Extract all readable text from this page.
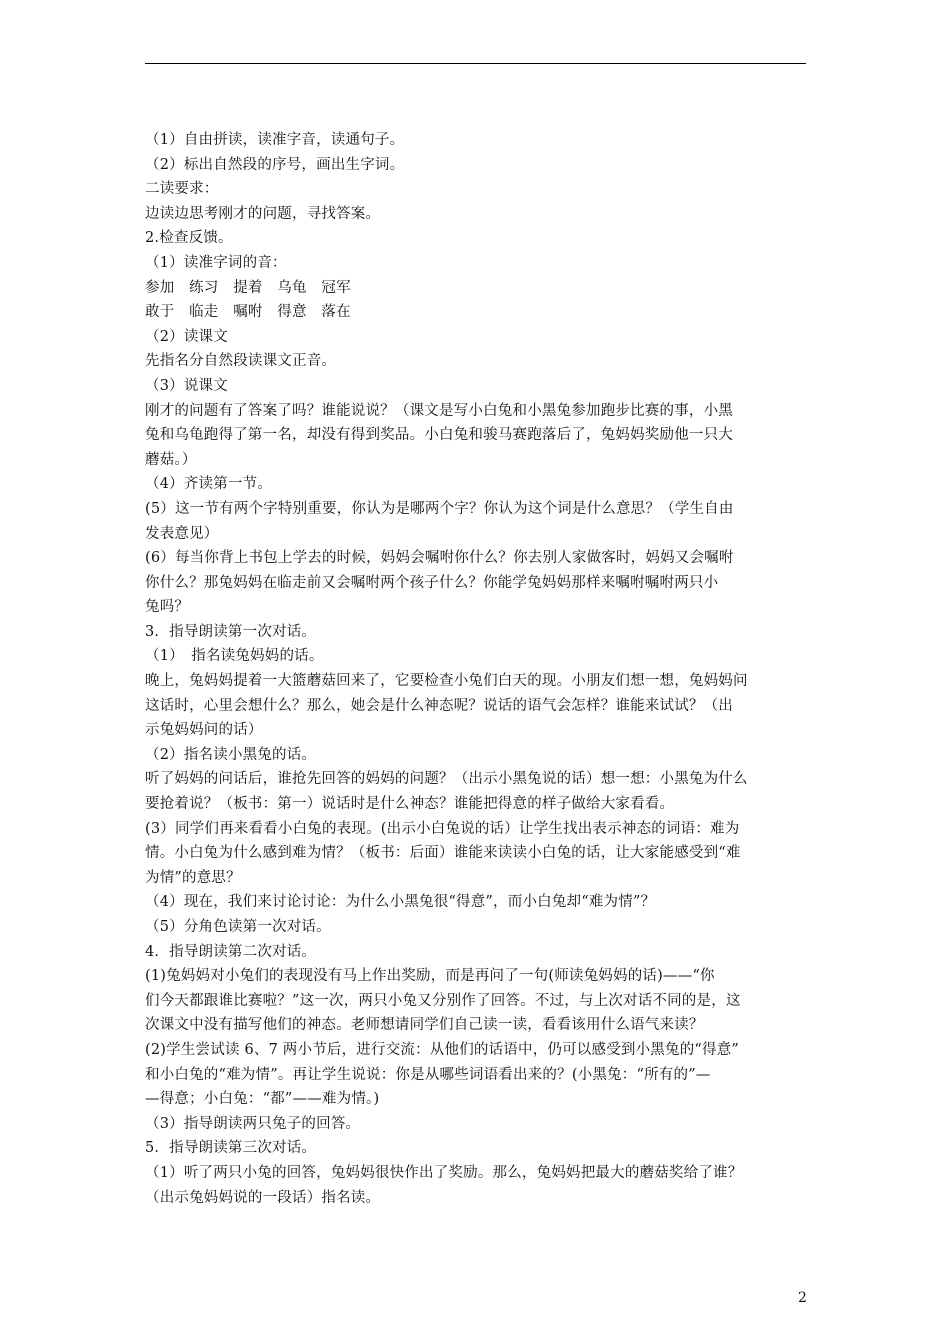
（1）自由拼读，读准字音，读通句子。
（2）标出自然段的序号，画出生字词。
二读要求：
边读边思考刚才的问题，寻找答案。
2.检查反馈。
（1）读准字词的音：
参加　练习　提着　乌龟　冠军
敢于　临走　嘱咐　得意　落在
（2）读课文
先指名分自然段读课文正音。
（3）说课文
刚才的问题有了答案了吗？谁能说说？（课文是写小白兔和小黑兔参加跑步比赛的事，小黑
兔和乌龟跑得了第一名，却没有得到奖品。小白兔和骏马赛跑落后了，兔妈妈奖励他一只大
蘑菇。）
（4）齐读第一节。
(5）这一节有两个字特别重要，你认为是哪两个字？你认为这个词是什么意思？（学生自由
发表意见）
(6）每当你背上书包上学去的时候，妈妈会嘱咐你什么？你去别人家做客时，妈妈又会嘱咐
你什么？那兔妈妈在临走前又会嘱咐两个孩子什么？你能学兔妈妈那样来嘱咐嘱咐两只小
兔吗？
3．指导朗读第一次对话。
（1）　指名读兔妈妈的话。
晚上，兔妈妈提着一大篮蘑菇回来了，它要检查小兔们白天的现。小朋友们想一想，兔妈妈问
这话时，心里会想什么？那么，她会是什么神态呢？说话的语气会怎样？谁能来试试？（出
示兔妈妈问的话）
（2）指名读小黑兔的话。
听了妈妈的问话后，谁抢先回答的妈妈的问题？（出示小黑兔说的话）想一想：小黑兔为什么
要抢着说？（板书：第一）说话时是什么神态？谁能把得意的样子做给大家看看。
(3）同学们再来看看小白兔的表现。(出示小白兔说的话）让学生找出表示神态的词语：难为
情。小白兔为什么感到难为情？（板书：后面）谁能来读读小白兔的话，让大家能感受到“难
为情”的意思？
（4）现在，我们来讨论讨论：为什么小黑兔很“得意”，而小白兔却“难为情”？
（5）分角色读第一次对话。
4．指导朗读第二次对话。
(1)兔妈妈对小兔们的表现没有马上作出奖励，而是再问了一句(师读兔妈妈的话)——“你
们今天都跟谁比赛啦？”这一次，两只小兔又分别作了回答。不过，与上次对话不同的是，这
次课文中没有描写他们的神态。老师想请同学们自己读一读，看看该用什么语气来读？
(2)学生尝试读 6、7 两小节后，进行交流：从他们的话语中，仍可以感受到小黑兔的“得意”
和小白兔的“难为情”。再让学生说说：你是从哪些词语看出来的？(小黑兔：“所有的”—
—得意；小白兔：“都”——难为情。)
（3）指导朗读两只兔子的回答。
5．指导朗读第三次对话。
（1）听了两只小兔的回答，兔妈妈很快作出了奖励。那么，兔妈妈把最大的蘑菇奖给了谁？
（出示兔妈妈说的一段话）指名读。
2
